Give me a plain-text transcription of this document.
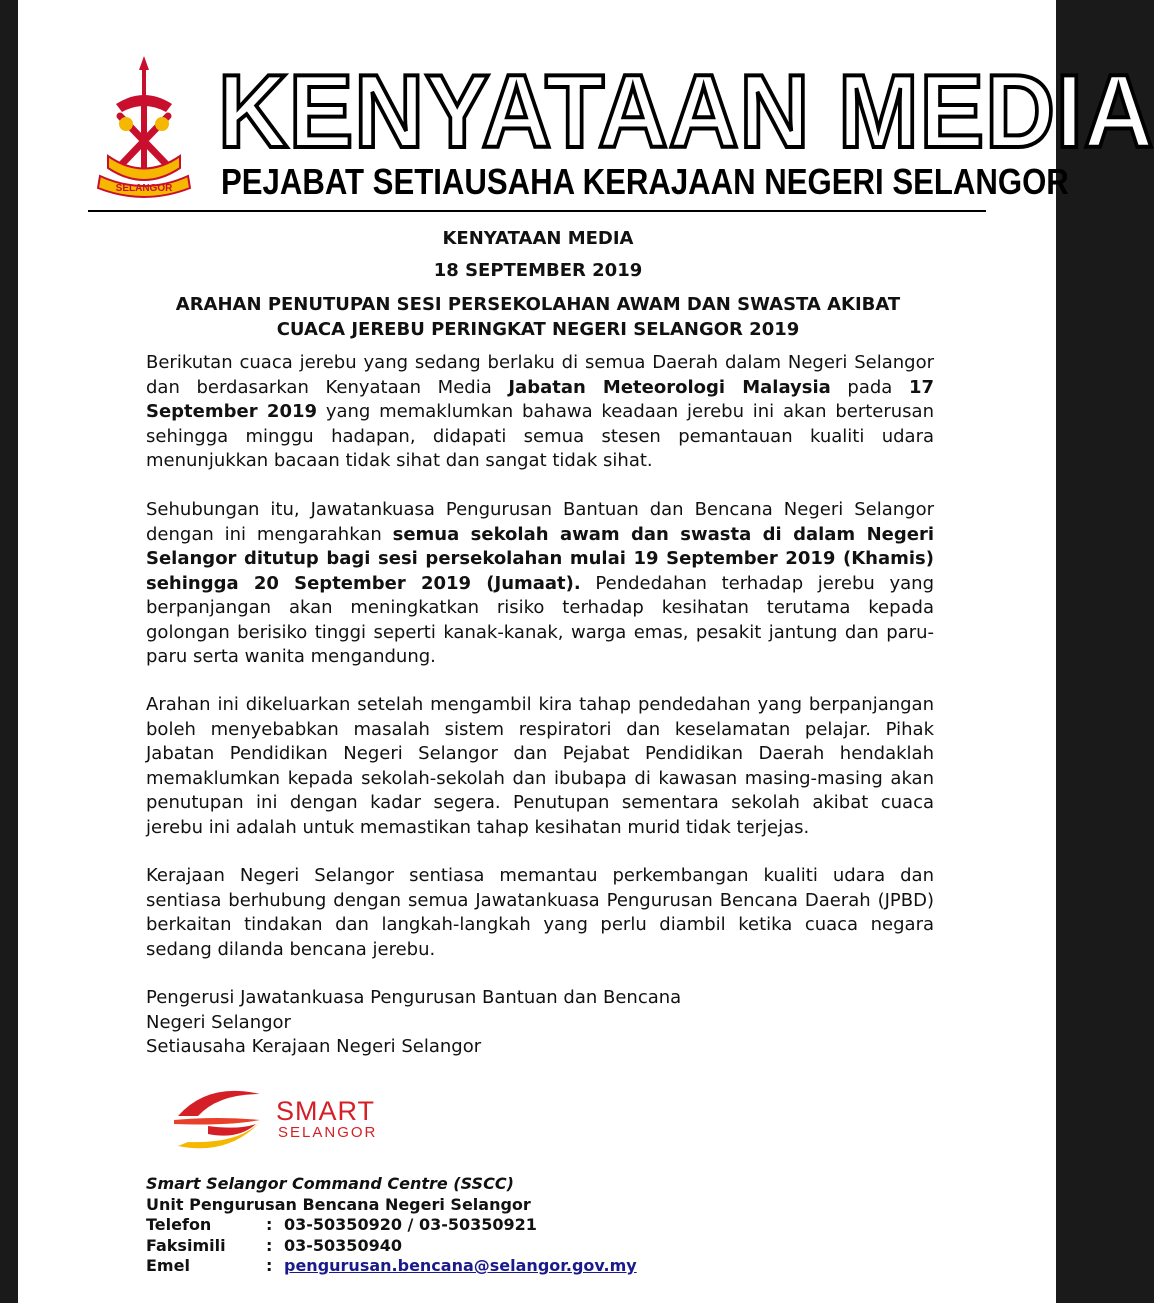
SELANGOR
KENYATAAN MEDIA
PEJABAT SETIAUSAHA KERAJAAN NEGERI SELANGOR
KENYATAAN MEDIA
18 SEPTEMBER 2019
ARAHAN PENUTUPAN SESI PERSEKOLAHAN AWAM DAN SWASTA AKIBAT
CUACA JEREBU PERINGKAT NEGERI SELANGOR 2019

Berikutan cuaca jerebu yang sedang berlaku di semua Daerah dalam Negeri Selangor dan berdasarkan Kenyataan Media Jabatan Meteorologi Malaysia pada 17 September 2019 yang memaklumkan bahawa keadaan jerebu ini akan berterusan sehingga minggu hadapan, didapati semua stesen pemantauan kualiti udara menunjukkan bacaan tidak sihat dan sangat tidak sihat.

Sehubungan itu, Jawatankuasa Pengurusan Bantuan dan Bencana Negeri Selangor dengan ini mengarahkan semua sekolah awam dan swasta di dalam Negeri Selangor ditutup bagi sesi persekolahan mulai 19 September 2019 (Khamis) sehingga 20 September 2019 (Jumaat). Pendedahan terhadap jerebu yang berpanjangan akan meningkatkan risiko terhadap kesihatan terutama kepada golongan berisiko tinggi seperti kanak-kanak, warga emas, pesakit jantung dan paru-paru serta wanita mengandung.

Arahan ini dikeluarkan setelah mengambil kira tahap pendedahan yang berpanjangan boleh menyebabkan masalah sistem respiratori dan keselamatan pelajar. Pihak Jabatan Pendidikan Negeri Selangor dan Pejabat Pendidikan Daerah hendaklah memaklumkan kepada sekolah-sekolah dan ibubapa di kawasan masing-masing akan penutupan ini dengan kadar segera. Penutupan sementara sekolah akibat cuaca jerebu ini adalah untuk memastikan tahap kesihatan murid tidak terjejas.

Kerajaan Negeri Selangor sentiasa memantau perkembangan kualiti udara dan sentiasa berhubung dengan semua Jawatankuasa Pengurusan Bencana Daerah (JPBD) berkaitan tindakan dan langkah-langkah yang perlu diambil ketika cuaca negara sedang dilanda bencana jerebu.

Pengerusi Jawatankuasa Pengurusan Bantuan dan Bencana
Negeri Selangor
Setiausaha Kerajaan Negeri Selangor
SMART
SELANGOR
Smart Selangor Command Centre (SSCC)
Unit Pengurusan Bencana Negeri Selangor
Telefon	: 03-50350920 / 03-50350921
Faksimili	: 03-50350940
Emel	: pengurusan.bencana@selangor.gov.my
